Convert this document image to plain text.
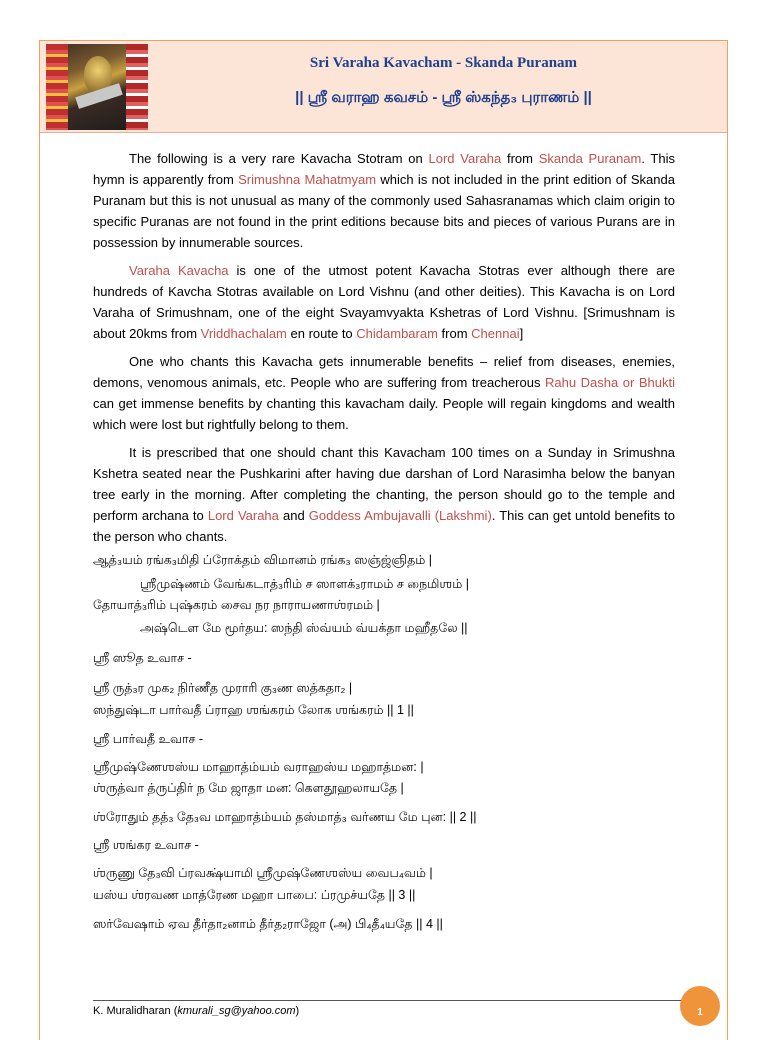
Sri Varaha Kavacham - Skanda Puranam
|| ஸ்ரீ வராஹ கவசம் - ஸ்ரீ ஸ்கந்த₃ புராணம் ||

The following is a very rare Kavacha Stotram on Lord Varaha from Skanda Puranam. This hymn is apparently from Srimushna Mahatmyam which is not included in the print edition of Skanda Puranam but this is not unusual as many of the commonly used Sahasranamas which claim origin to specific Puranas are not found in the print editions because bits and pieces of various Purans are in possession by innumerable sources.

Varaha Kavacha is one of the utmost potent Kavacha Stotras ever although there are hundreds of Kavcha Stotras available on Lord Vishnu (and other deities). This Kavacha is on Lord Varaha of Srimushnam, one of the eight Svayamvyakta Kshetras of Lord Vishnu. [Srimushnam is about 20kms from Vriddhachalam en route to Chidambaram from Chennai]

One who chants this Kavacha gets innumerable benefits – relief from diseases, enemies, demons, venomous animals, etc. People who are suffering from treacherous Rahu Dasha or Bhukti can get immense benefits by chanting this kavacham daily. People will regain kingdoms and wealth which were lost but rightfully belong to them.

It is prescribed that one should chant this Kavacham 100 times on a Sunday in Srimushna Kshetra seated near the Pushkarini after having due darshan of Lord Narasimha below the banyan tree early in the morning. After completing the chanting, the person should go to the temple and perform archana to Lord Varaha and Goddess Ambujavalli (Lakshmi). This can get untold benefits to the person who chants.

ஆத்₃யம் ரங்க₃மிதி ப்ரோக்தம் விமானம் ரங்க₃ ஸஞ்ஜ்ஞிதம் |
ஸ்ரீமுஷ்ணம் வேங்கடாத்₃ரிம் ச ஸாளக்₃ராமம் ச நைமிஶம் |
தோயாத்₃ரிம் புஷ்கரம் சைவ நர நாராயணாஶ்ரமம் |
அஷ்டௌ மே மூர்தய: ஸந்தி ஸ்வ்யம் வ்யக்தா மஹீதலே ||
ஸ்ரீ ஸூத உவாச -
ஸ்ரீ ருத்₃ர முக₂ நிர்ணீத முராரி கு₃ண ஸத்கதா₂ |
ஸந்துஷ்டா பார்வதீ ப்ராஹ ஶங்கரம் லோக ஶங்கரம் || 1 ||
ஸ்ரீ பார்வதீ உவாச -
ஸ்ரீமுஷ்ணேஶஸ்ய மாஹாத்ம்யம் வராஹஸ்ய மஹாத்மன: |
ஶ்ருத்வா த்ருப்திர் ந மே ஜாதா மன: கௌதூஹலாயதே |
ஶ்ரோதும் தத்₃ தே₃வ மாஹாத்ம்யம் தஸ்மாத்₃ வர்ணய மே புன: || 2 ||
ஸ்ரீ ஶங்கர உவாச -
ஶ்ருணு தே₃வி ப்ரவக்ஷ்யாமி ஸ்ரீமுஷ்ணேஶஸ்ய வைப₄வம் |
யஸ்ய ஶ்ரவண மாத்ரேண மஹா பாபை: ப்ரமுச்யதே || 3 ||
ஸர்வேஷாம் ஏவ தீர்தா₂னாம் தீர்த₂ராஜோ (அ) பி₄தீ₄யதே || 4 ||
K. Muralidharan (kmurali_sg@yahoo.com)	1
